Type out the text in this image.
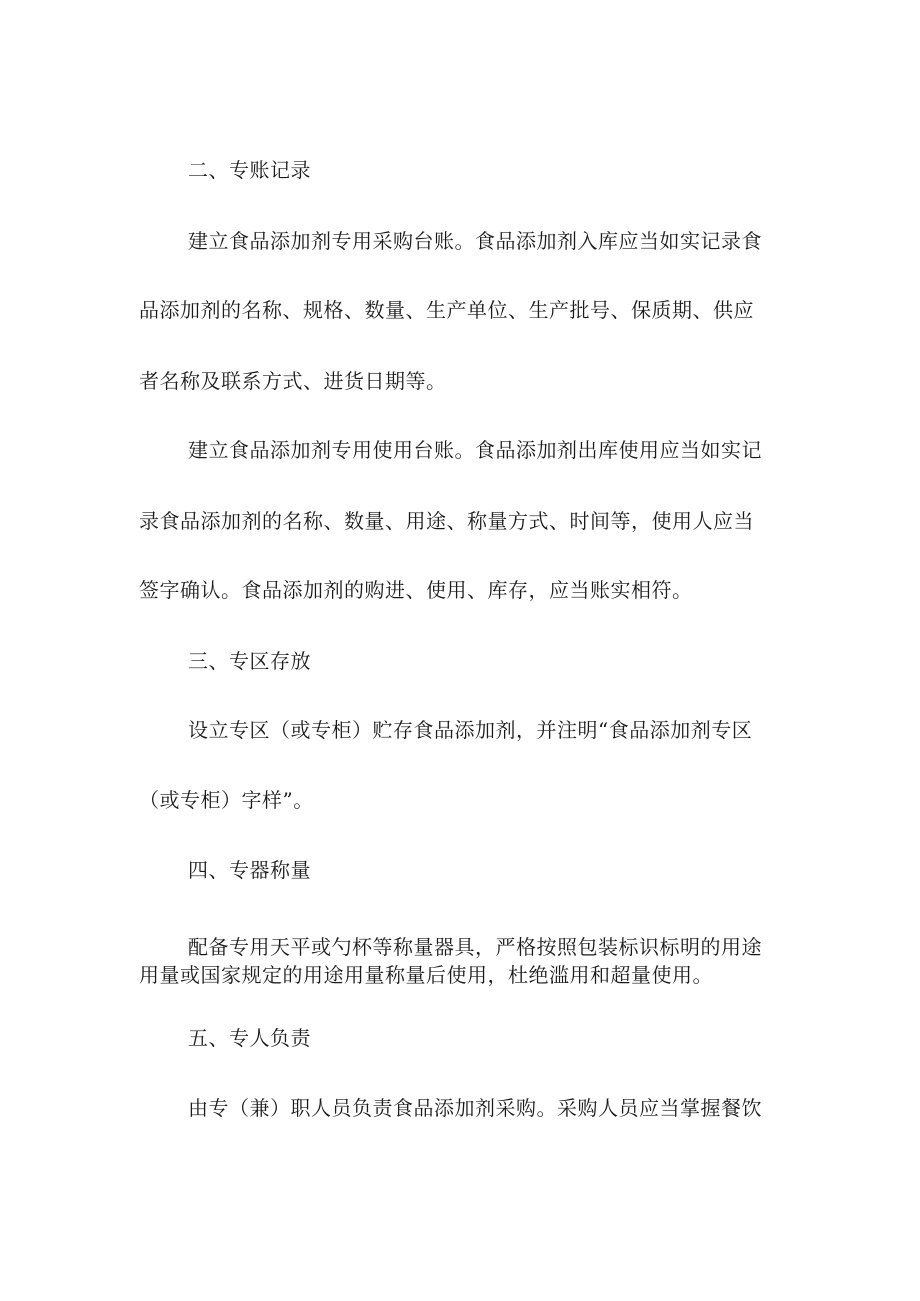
二、专账记录
建立食品添加剂专用采购台账。食品添加剂入库应当如实记录食
品添加剂的名称、规格、数量、生产单位、生产批号、保质期、供应
者名称及联系方式、进货日期等。
建立食品添加剂专用使用台账。食品添加剂出库使用应当如实记
录食品添加剂的名称、数量、用途、称量方式、时间等，使用人应当
签字确认。食品添加剂的购进、使用、库存，应当账实相符。
三、专区存放
设立专区（或专柜）贮存食品添加剂，并注明“食品添加剂专区
（或专柜）字样”。
四、专器称量
配备专用天平或勺杯等称量器具，严格按照包装标识标明的用途
用量或国家规定的用途用量称量后使用，杜绝滥用和超量使用。
五、专人负责
由专（兼）职人员负责食品添加剂采购。采购人员应当掌握餐饮
